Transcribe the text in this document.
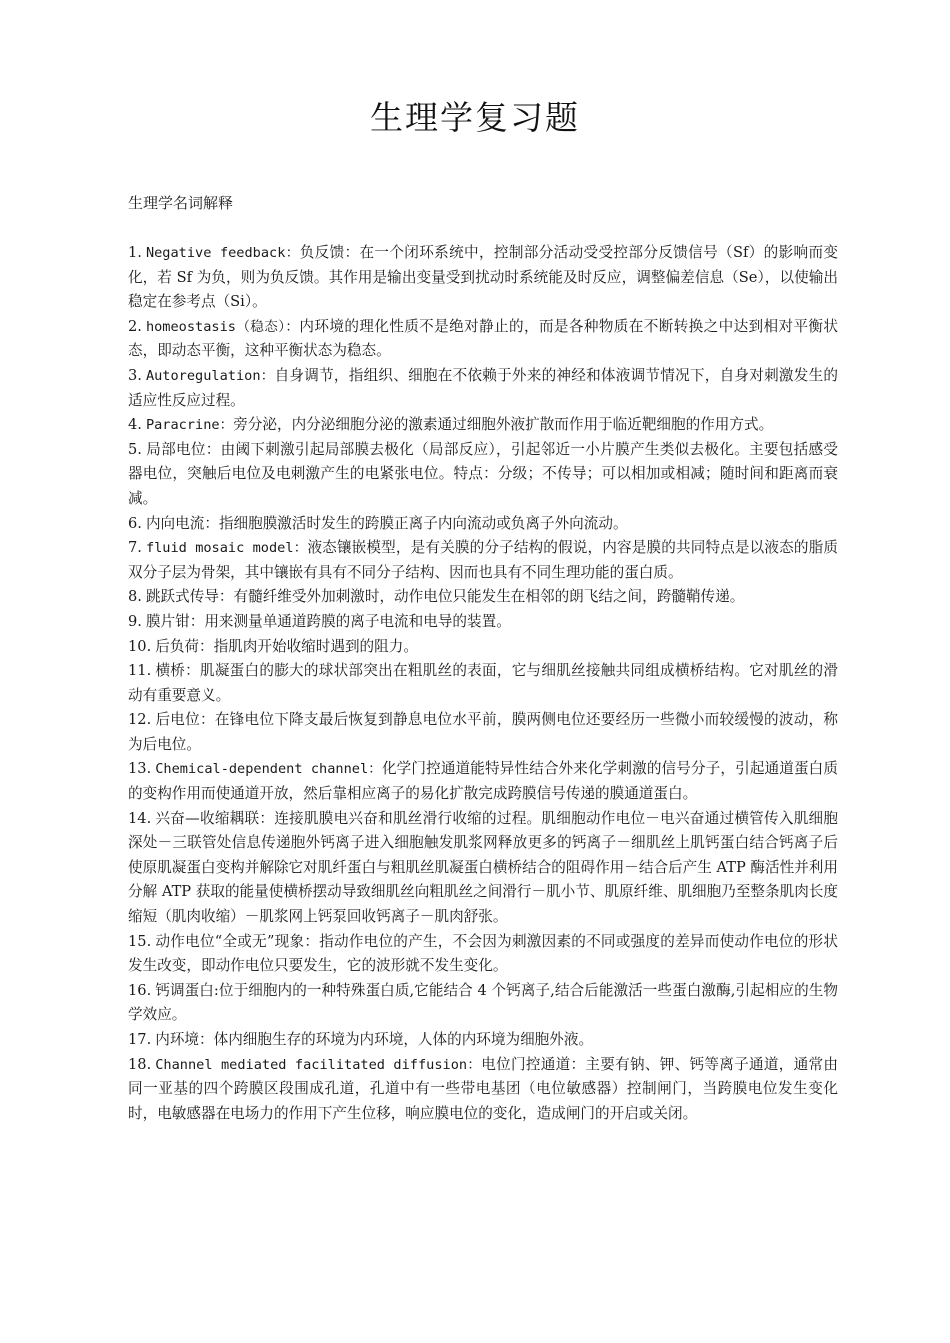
生理学复习题

生理学名词解释

1. Negative feedback：负反馈：在一个闭环系统中，控制部分活动受受控部分反馈信号（Sf）的影响而变化，若 Sf 为负，则为负反馈。其作用是输出变量受到扰动时系统能及时反应，调整偏差信息（Se），以使输出稳定在参考点（Si）。
2. homeostasis（稳态）：内环境的理化性质不是绝对静止的，而是各种物质在不断转换之中达到相对平衡状态，即动态平衡，这种平衡状态为稳态。
3. Autoregulation：自身调节，指组织、细胞在不依赖于外来的神经和体液调节情况下，自身对刺激发生的适应性反应过程。
4. Paracrine：旁分泌，内分泌细胞分泌的激素通过细胞外液扩散而作用于临近靶细胞的作用方式。
5. 局部电位：由阈下刺激引起局部膜去极化（局部反应），引起邻近一小片膜产生类似去极化。主要包括感受器电位，突触后电位及电刺激产生的电紧张电位。特点：分级；不传导；可以相加或相减；随时间和距离而衰减。
6. 内向电流：指细胞膜激活时发生的跨膜正离子内向流动或负离子外向流动。
7. fluid mosaic model：液态镶嵌模型，是有关膜的分子结构的假说，内容是膜的共同特点是以液态的脂质双分子层为骨架，其中镶嵌有具有不同分子结构、因而也具有不同生理功能的蛋白质。
8. 跳跃式传导：有髓纤维受外加刺激时，动作电位只能发生在相邻的朗飞结之间，跨髓鞘传递。
9. 膜片钳：用来测量单通道跨膜的离子电流和电导的装置。
10. 后负荷：指肌肉开始收缩时遇到的阻力。
11. 横桥：肌凝蛋白的膨大的球状部突出在粗肌丝的表面，它与细肌丝接触共同组成横桥结构。它对肌丝的滑动有重要意义。
12. 后电位：在锋电位下降支最后恢复到静息电位水平前，膜两侧电位还要经历一些微小而较缓慢的波动，称为后电位。
13. Chemical-dependent channel：化学门控通道能特异性结合外来化学刺激的信号分子，引起通道蛋白质的变构作用而使通道开放，然后靠相应离子的易化扩散完成跨膜信号传递的膜通道蛋白。
14. 兴奋—收缩耦联：连接肌膜电兴奋和肌丝滑行收缩的过程。肌细胞动作电位－电兴奋通过横管传入肌细胞深处－三联管处信息传递胞外钙离子进入细胞触发肌浆网释放更多的钙离子－细肌丝上肌钙蛋白结合钙离子后使原肌凝蛋白变构并解除它对肌纤蛋白与粗肌丝肌凝蛋白横桥结合的阻碍作用－结合后产生 ATP 酶活性并利用分解 ATP 获取的能量使横桥摆动导致细肌丝向粗肌丝之间滑行－肌小节、肌原纤维、肌细胞乃至整条肌肉长度缩短（肌肉收缩）－肌浆网上钙泵回收钙离子－肌肉舒张。
15. 动作电位“全或无”现象：指动作电位的产生，不会因为刺激因素的不同或强度的差异而使动作电位的形状发生改变，即动作电位只要发生，它的波形就不发生变化。
16. 钙调蛋白:位于细胞内的一种特殊蛋白质,它能结合 4 个钙离子,结合后能激活一些蛋白激酶,引起相应的生物学效应。
17. 内环境：体内细胞生存的环境为内环境，人体的内环境为细胞外液。
18. Channel mediated facilitated diffusion：电位门控通道：主要有钠、钾、钙等离子通道，通常由同一亚基的四个跨膜区段围成孔道，孔道中有一些带电基团（电位敏感器）控制闸门，当跨膜电位发生变化时，电敏感器在电场力的作用下产生位移，响应膜电位的变化，造成闸门的开启或关闭。
